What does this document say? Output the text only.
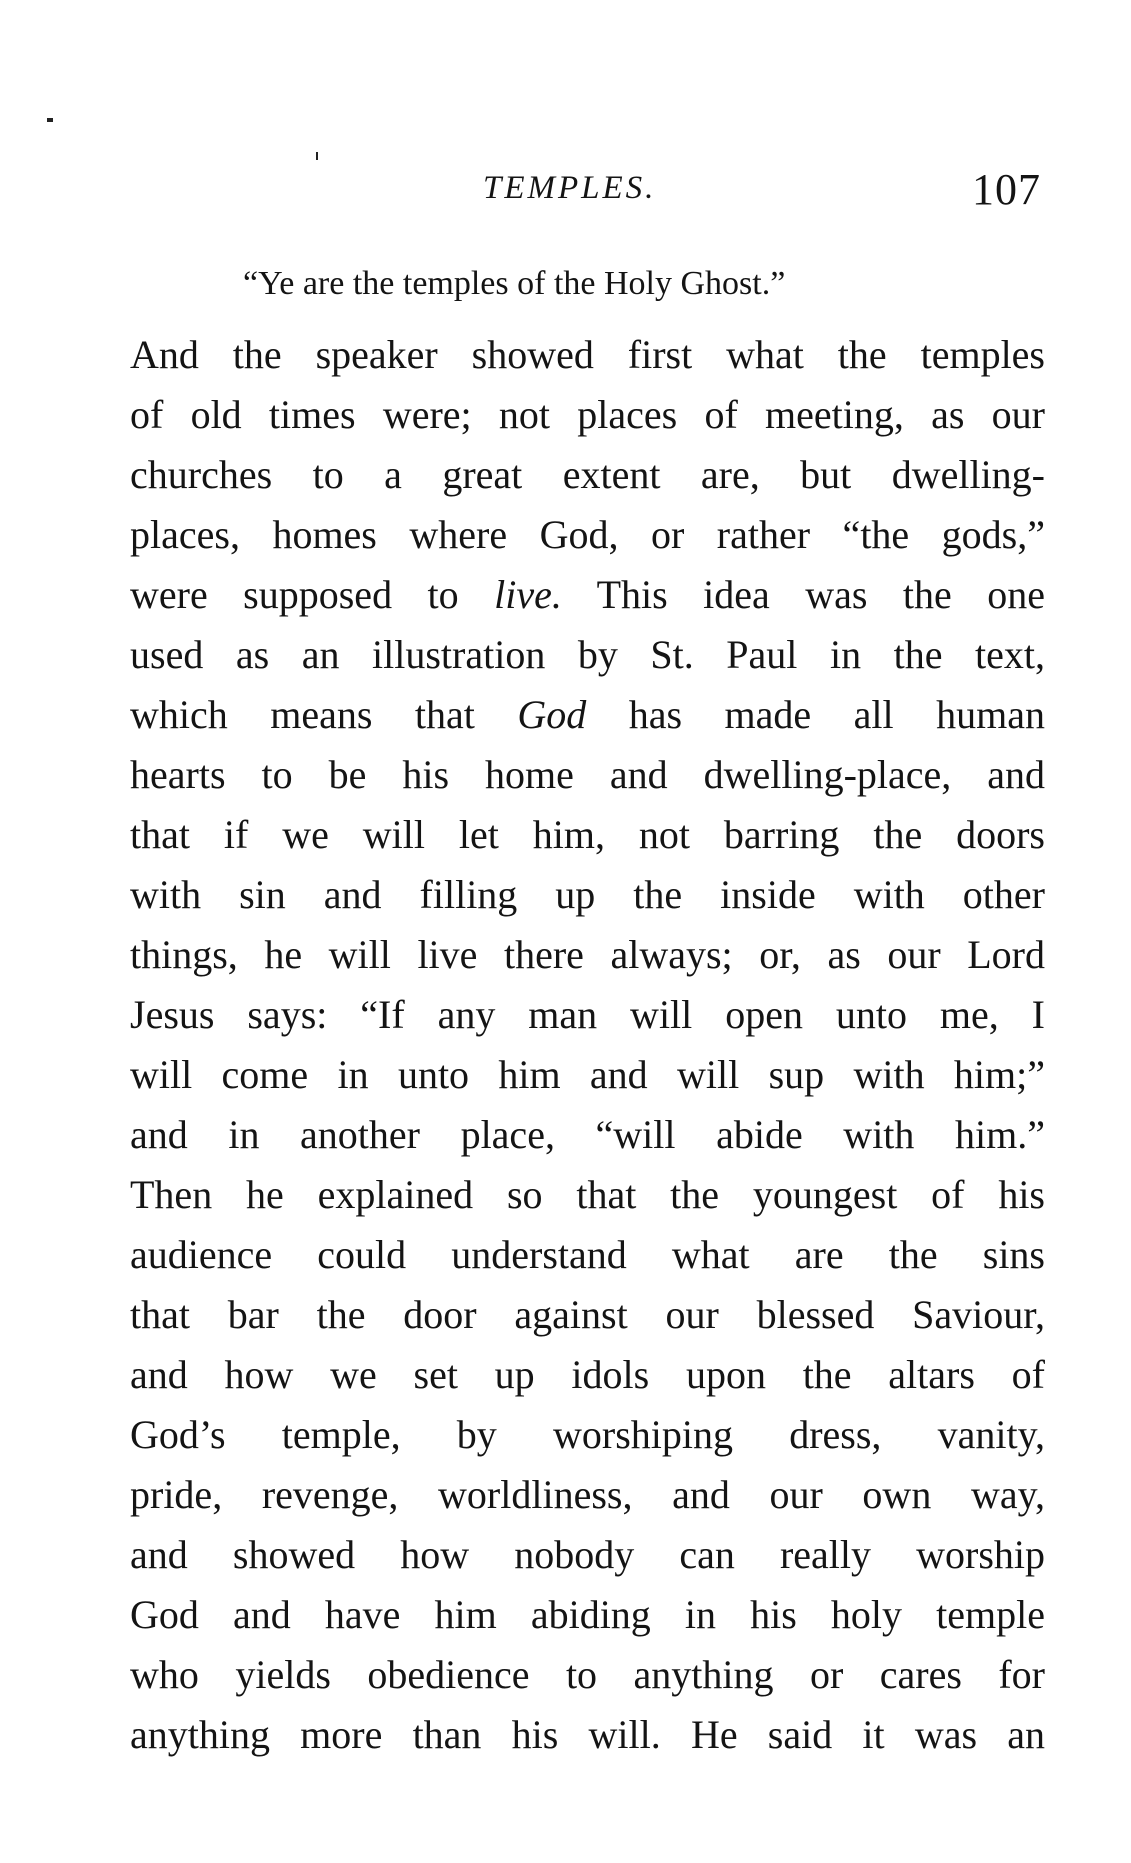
TEMPLES.	107
“Ye are the temples of the Holy Ghost.”
And the speaker showed first what the temples
of old times were; not places of meeting, as our
churches to a great extent are, but dwelling-
places, homes where God, or rather “the gods,”
were supposed to live. This idea was the one
used as an illustration by St. Paul in the text,
which means that God has made all human
hearts to be his home and dwelling-place, and
that if we will let him, not barring the doors
with sin and filling up the inside with other
things, he will live there always; or, as our Lord
Jesus says: “If any man will open unto me, I
will come in unto him and will sup with him;”
and in another place, “will abide with him.”
Then he explained so that the youngest of his
audience could understand what are the sins
that bar the door against our blessed Saviour,
and how we set up idols upon the altars of
God’s temple, by worshiping dress, vanity,
pride, revenge, worldliness, and our own way,
and showed how nobody can really worship
God and have him abiding in his holy temple
who yields obedience to anything or cares for
anything more than his will. He said it was an
